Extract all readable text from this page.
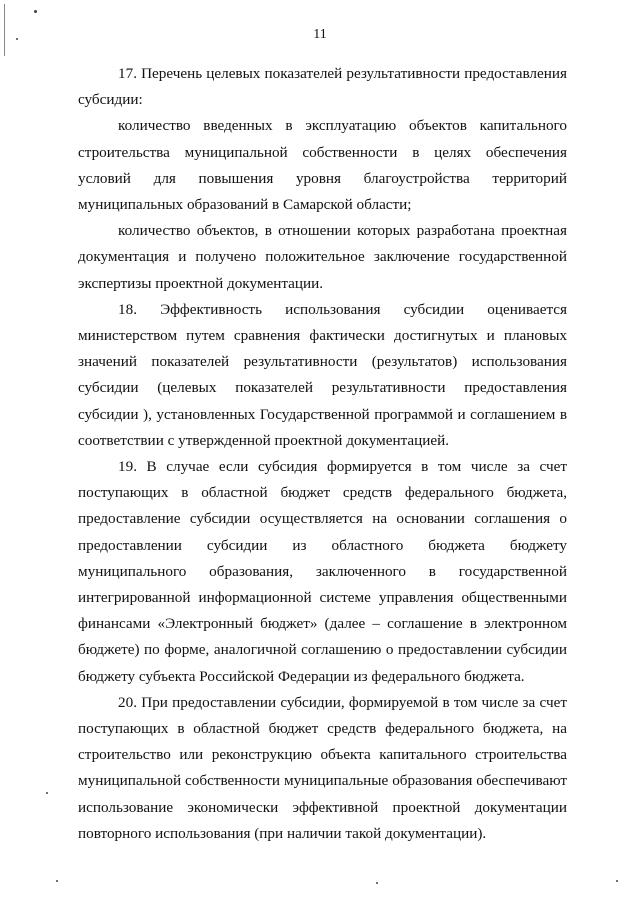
11

17. Перечень целевых показателей результативности предоставления субсидии:

количество введенных в эксплуатацию объектов капитального строительства муниципальной собственности в целях обеспечения условий для повышения уровня благоустройства территорий муниципальных образований в Самарской области;

количество объектов, в отношении которых разработана проектная документация и получено положительное заключение государственной экспертизы проектной документации.

18. Эффективность использования субсидии оценивается министерством путем сравнения фактически достигнутых и плановых значений показателей результативности (результатов) использования субсидии (целевых показателей результативности предоставления субсидии ), установленных Государственной программой и соглашением в соответствии с утвержденной проектной документацией.

19. В случае если субсидия формируется в том числе за счет поступающих в областной бюджет средств федерального бюджета, предоставление субсидии осуществляется на основании соглашения о предоставлении субсидии из областного бюджета бюджету муниципального образования, заключенного в государственной интегрированной информационной системе управления общественными финансами «Электронный бюджет» (далее – соглашение в электронном бюджете) по форме, аналогичной соглашению о предоставлении субсидии бюджету субъекта Российской Федерации из федерального бюджета.

20. При предоставлении субсидии, формируемой в том числе за счет поступающих в областной бюджет средств федерального бюджета, на строительство или реконструкцию объекта капитального строительства муниципальной собственности муниципальные образования обеспечивают использование экономически эффективной проектной документации повторного использования (при наличии такой документации).
